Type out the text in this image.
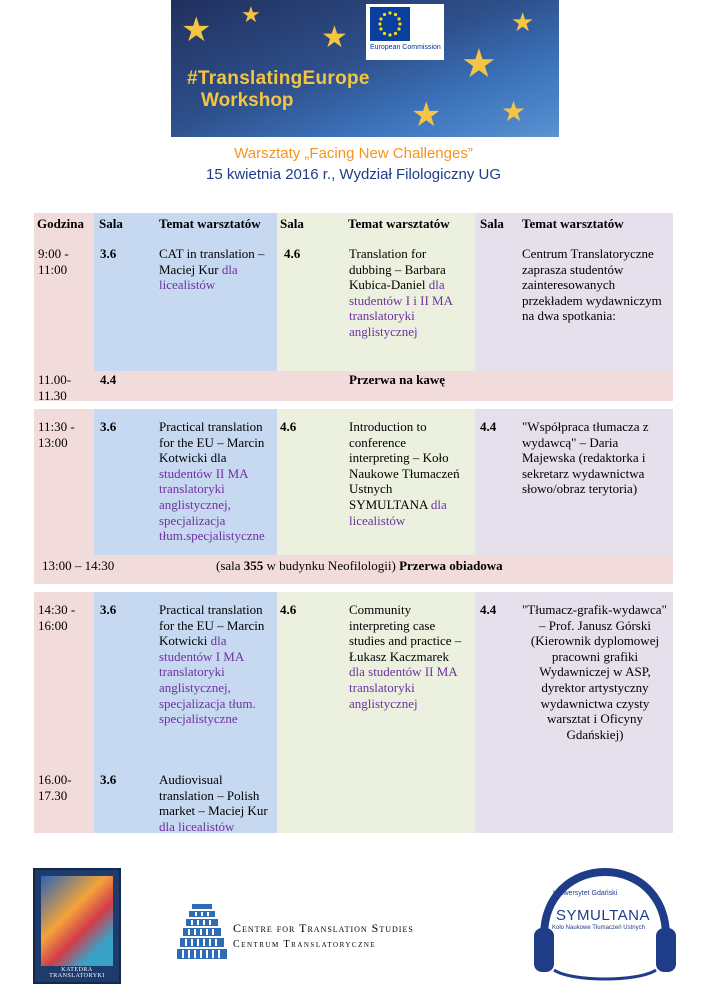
★ ★
★
★
★
★ ★
European Commission
#TranslatingEurope
Workshop
Warsztaty „Facing New Challenges”
15 kwietnia 2016 r., Wydział Filologiczny UG
Godzina Sala	Temat warsztatów Sala	Temat warsztatów Sala Temat warsztatów
9:00 -
11:00
3.6	CAT in translation – Maciej Kur dla licealistów
4.6	Translation for dubbing – Barbara Kubica-Daniel dla studentów I i II MA translatoryki anglistycznej
Centrum Translatoryczne zaprasza studentów zainteresowanych przekładem wydawniczym na dwa spotkania:
11.00-
11.30
4.4	Przerwa na kawę
11:30 -
13:00
3.6	Practical translation for the EU – Marcin Kotwicki dla studentów II MA translatoryki anglistycznej, specjalizacja tłum.specjalistyczne
4.6	Introduction to conference interpreting – Koło Naukowe Tłumaczeń Ustnych SYMULTANA dla licealistów
4.4 "Współpraca tłumacza z wydawcą" – Daria Majewska (redaktorka i sekretarz wydawnictwa słowo/obraz terytoria)
13:00 – 14:30	(sala 355 w budynku Neofilologii) Przerwa obiadowa
14:30 -
16:00
3.6	Practical translation for the EU – Marcin Kotwicki dla studentów I MA translatoryki anglistycznej, specjalizacja tłum. specjalistyczne
4.6	Community interpreting case studies and practice – Łukasz Kaczmarek dla studentów II MA translatoryki anglistycznej
4.4 "Tłumacz-grafik-wydawca"
– Prof. Janusz Górski (Kierownik dyplomowej pracowni grafiki Wydawniczej w ASP, dyrektor artystyczny wydawnictwa czysty warsztat i Oficyny Gdańskiej)
16.00-
17.30
3.6	Audiovisual translation – Polish market – Maciej Kur dla licealistów
KATEDRA TRANSLATORYKI
Centre for Translation Studies
Centrum Translatoryczne
Uniwersytet Gdański
SYMULTANA
Koło Naukowe Tłumaczeń Ustnych
